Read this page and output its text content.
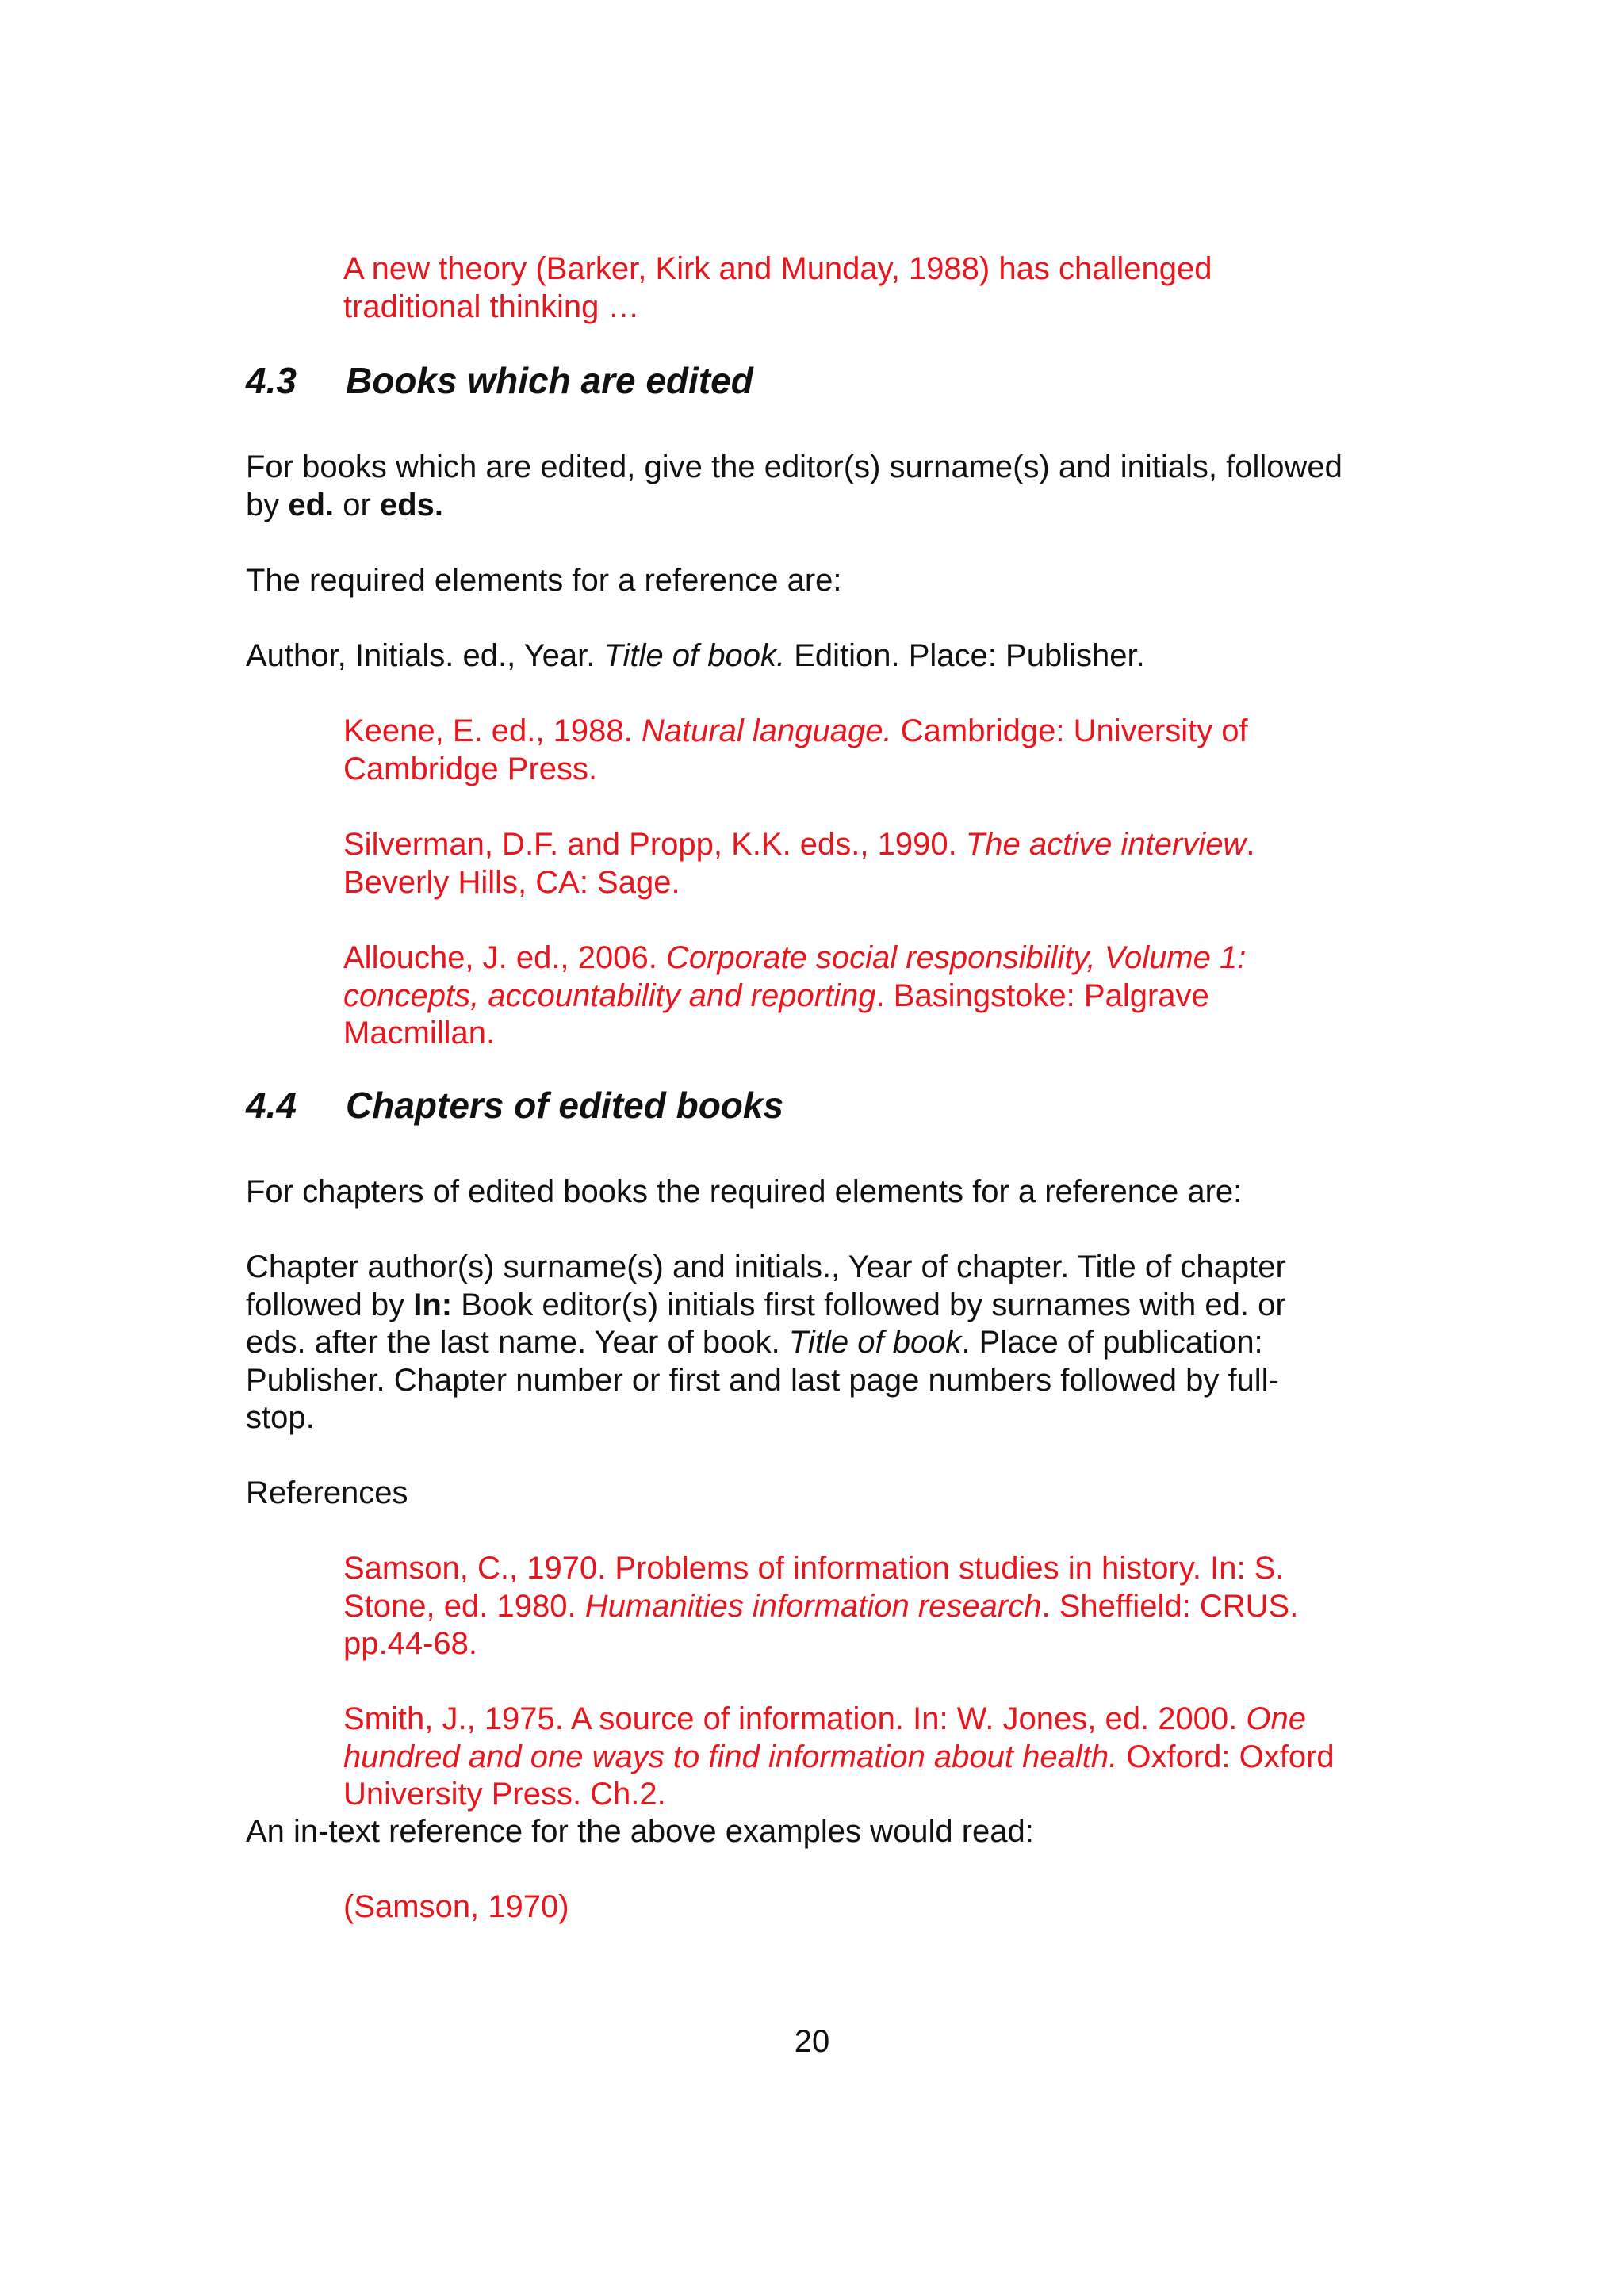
A new theory (Barker, Kirk and Munday, 1988) has challenged
traditional thinking …

4.3 Books which are edited

For books which are edited, give the editor(s) surname(s) and initials, followed
by ed. or eds.

The required elements for a reference are:

Author, Initials. ed., Year. Title of book. Edition. Place: Publisher.

Keene, E. ed., 1988. Natural language. Cambridge: University of
Cambridge Press.

Silverman, D.F. and Propp, K.K. eds., 1990. The active interview.
Beverly Hills, CA: Sage.

Allouche, J. ed., 2006. Corporate social responsibility, Volume 1:
concepts, accountability and reporting. Basingstoke: Palgrave
Macmillan.

4.4 Chapters of edited books

For chapters of edited books the required elements for a reference are:

Chapter author(s) surname(s) and initials., Year of chapter. Title of chapter
followed by In: Book editor(s) initials first followed by surnames with ed. or
eds. after the last name. Year of book. Title of book. Place of publication:
Publisher. Chapter number or first and last page numbers followed by full-
stop.

References

Samson, C., 1970. Problems of information studies in history. In: S.
Stone, ed. 1980. Humanities information research. Sheffield: CRUS.
pp.44-68.

Smith, J., 1975. A source of information. In: W. Jones, ed. 2000. One
hundred and one ways to find information about health. Oxford: Oxford
University Press. Ch.2.

An in-text reference for the above examples would read:

(Samson, 1970)

20
